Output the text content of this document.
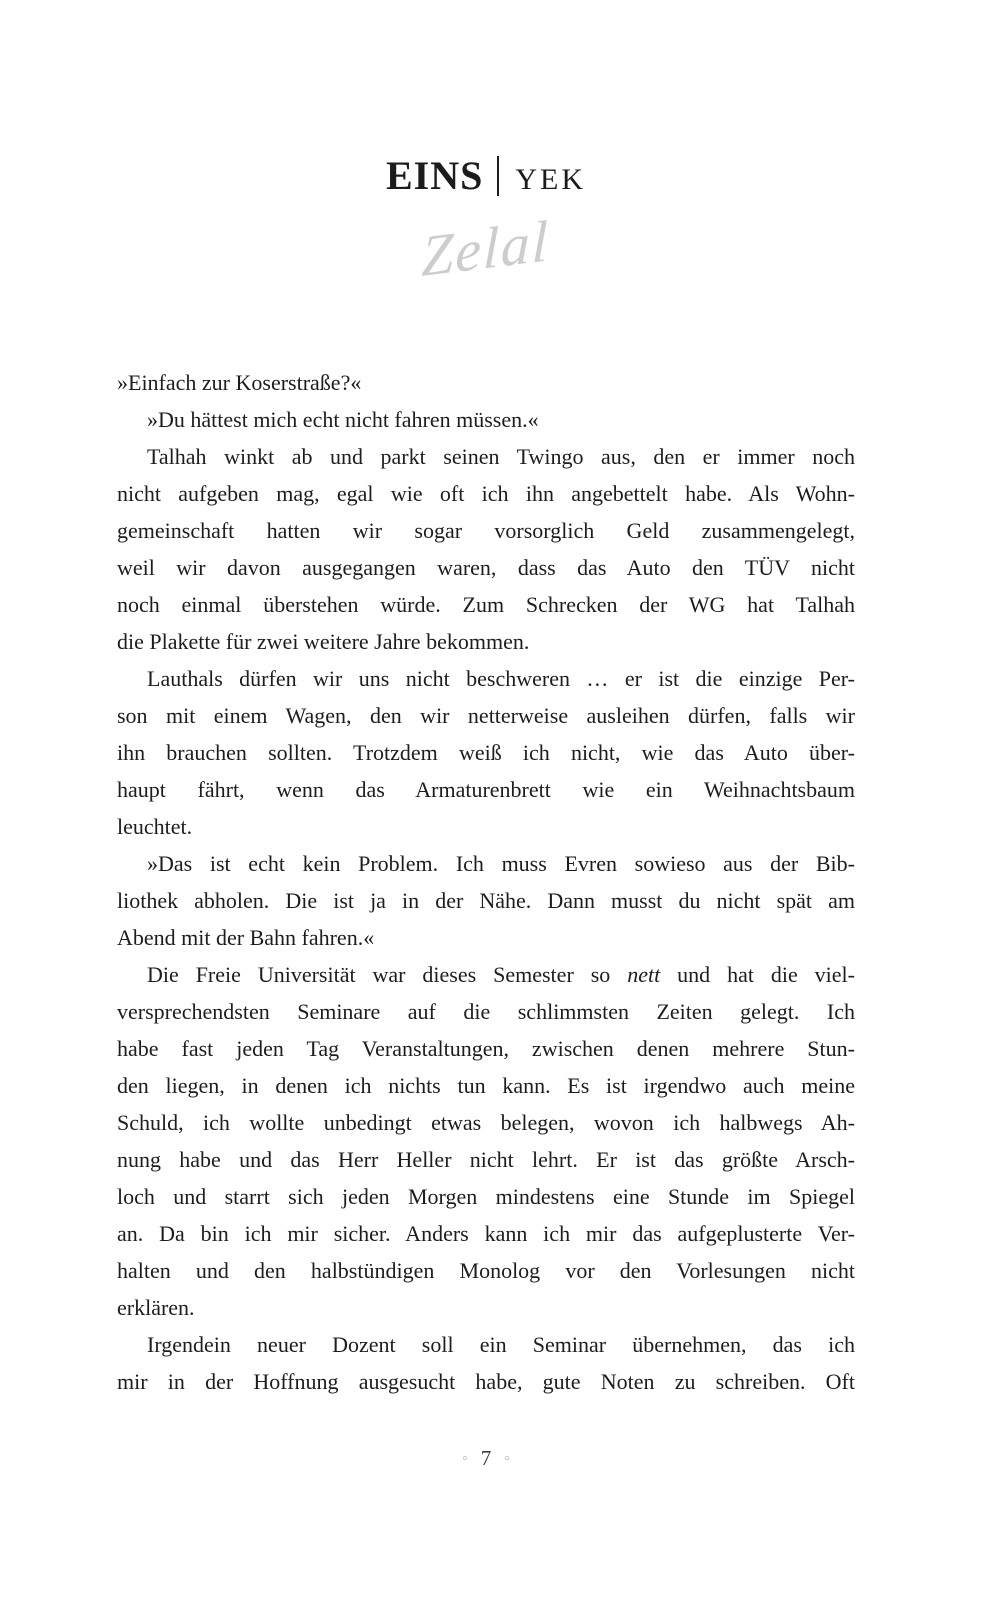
EINS YEK
Zelal
»Einfach zur Koserstraße?«
»Du hättest mich echt nicht fahren müssen.«
Talhah winkt ab und parkt seinen Twingo aus, den er immer noch
nicht aufgeben mag, egal wie oft ich ihn angebettelt habe. Als Wohn-
gemeinschaft hatten wir sogar vorsorglich Geld zusammengelegt,
weil wir davon ausgegangen waren, dass das Auto den TÜV nicht
noch einmal überstehen würde. Zum Schrecken der WG hat Talhah
die Plakette für zwei weitere Jahre bekommen.
Lauthals dürfen wir uns nicht beschweren … er ist die einzige Per-
son mit einem Wagen, den wir netterweise ausleihen dürfen, falls wir
ihn brauchen sollten. Trotzdem weiß ich nicht, wie das Auto über-
haupt fährt, wenn das Armaturenbrett wie ein Weihnachtsbaum
leuchtet.
»Das ist echt kein Problem. Ich muss Evren sowieso aus der Bib-
liothek abholen. Die ist ja in der Nähe. Dann musst du nicht spät am
Abend mit der Bahn fahren.«
Die Freie Universität war dieses Semester so nett und hat die viel-
versprechendsten Seminare auf die schlimmsten Zeiten gelegt. Ich
habe fast jeden Tag Veranstaltungen, zwischen denen mehrere Stun-
den liegen, in denen ich nichts tun kann. Es ist irgendwo auch meine
Schuld, ich wollte unbedingt etwas belegen, wovon ich halbwegs Ah-
nung habe und das Herr Heller nicht lehrt. Er ist das größte Arsch-
loch und starrt sich jeden Morgen mindestens eine Stunde im Spiegel
an. Da bin ich mir sicher. Anders kann ich mir das aufgeplusterte Ver-
halten und den halbstündigen Monolog vor den Vorlesungen nicht
erklären.
Irgendein neuer Dozent soll ein Seminar übernehmen, das ich
mir in der Hoffnung ausgesucht habe, gute Noten zu schreiben. Oft
◦ 7 ◦
